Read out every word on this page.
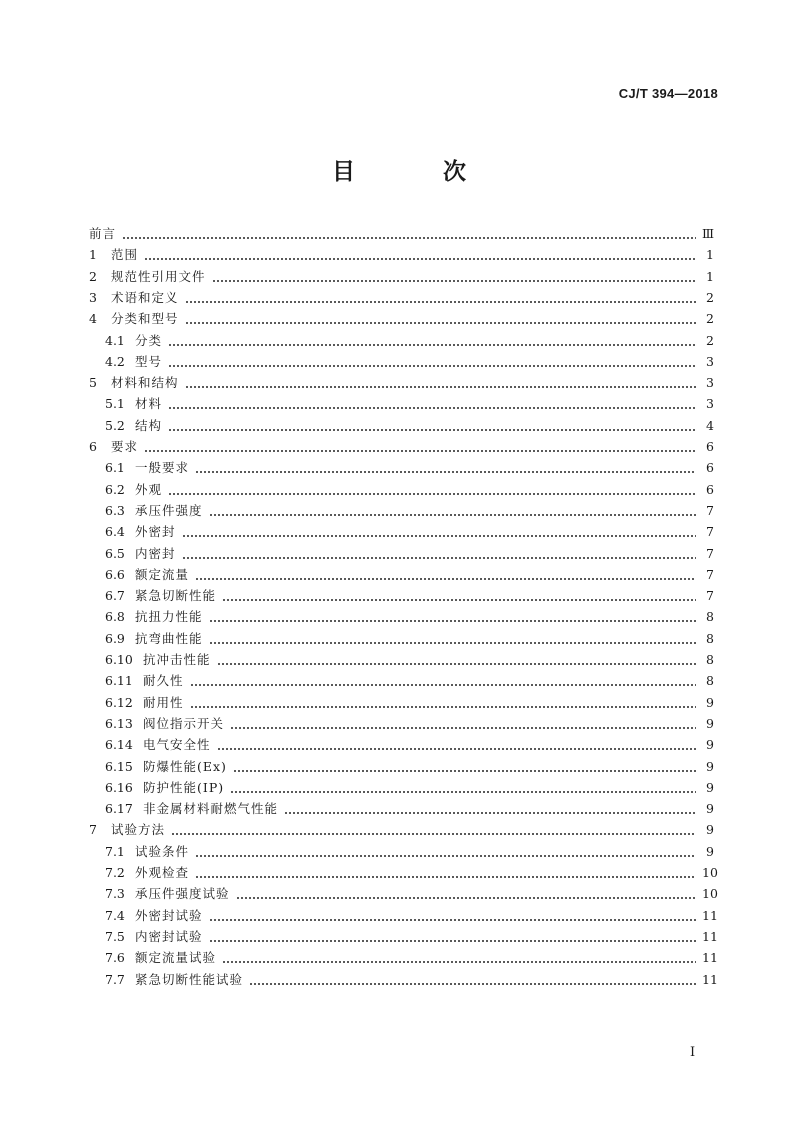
CJ/T 394—2018
目 次
前言	Ⅲ
1	范围	1
2	规范性引用文件	1
3	术语和定义	2
4	分类和型号	2
4.1 分类	2
4.2 型号	3
5	材料和结构	3
5.1 材料	3
5.2 结构	4
6	要求	6
6.1 一般要求	6
6.2 外观	6
6.3 承压件强度	7
6.4 外密封	7
6.5 内密封	7
6.6 额定流量	7
6.7 紧急切断性能	7
6.8 抗扭力性能	8
6.9 抗弯曲性能	8
6.10 抗冲击性能	8
6.11 耐久性	8
6.12 耐用性	9
6.13 阀位指示开关	9
6.14 电气安全性	9
6.15 防爆性能(Ex)	9
6.16 防护性能(IP)	9
6.17 非金属材料耐燃气性能	9
7	试验方法	9
7.1 试验条件	9
7.2 外观检查	10
7.3 承压件强度试验	10
7.4 外密封试验	11
7.5 内密封试验	11
7.6 额定流量试验	11
7.7 紧急切断性能试验	11
I
